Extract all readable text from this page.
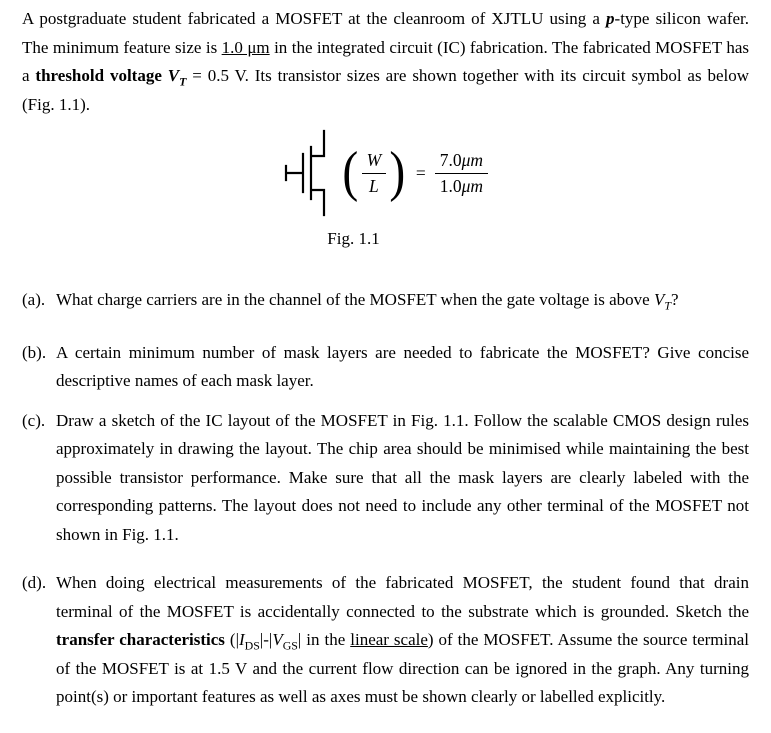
A postgraduate student fabricated a MOSFET at the cleanroom of XJTLU using a p-type silicon wafer. The minimum feature size is 1.0 μm in the integrated circuit (IC) fabrication. The fabricated MOSFET has a threshold voltage $V_T = 0.5$ V. Its transistor sizes are shown together with its circuit symbol as below (Fig. 1.1).

( $\frac{W}{L}$ ) = $\frac{7.0\mu m}{1.0\mu m}$
Fig. 1.1
(a). What charge carriers are in the channel of the MOSFET when the gate voltage is above $V_T$?
(b). A certain minimum number of mask layers are needed to fabricate the MOSFET? Give concise descriptive names of each mask layer.
(c). Draw a sketch of the IC layout of the MOSFET in Fig. 1.1. Follow the scalable CMOS design rules approximately in drawing the layout. The chip area should be minimised while maintaining the best possible transistor performance. Make sure that all the mask layers are clearly labeled with the corresponding patterns. The layout does not need to include any other terminal of the MOSFET not shown in Fig. 1.1.
(d). When doing electrical measurements of the fabricated MOSFET, the student found that drain terminal of the MOSFET is accidentally connected to the substrate which is grounded. Sketch the transfer characteristics ($|I_{DS}|-|V_{GS}|$ in the linear scale) of the MOSFET. Assume the source terminal of the MOSFET is at 1.5 V and the current flow direction can be ignored in the graph. Any turning point(s) or important features as well as axes must be shown clearly or labelled explicitly.
